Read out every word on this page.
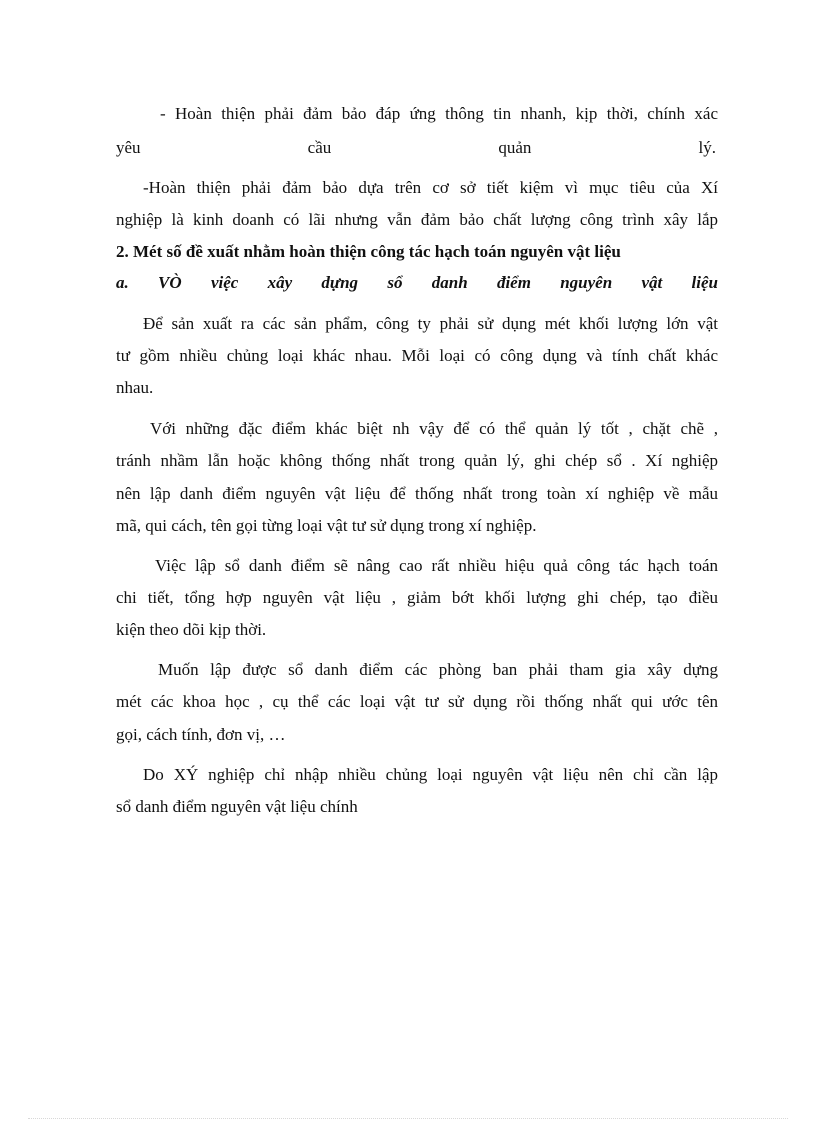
- Hoàn thiện phải đảm bảo đáp ứng thông tin nhanh, kịp thời, chính xác
yêu	cầu	quản	lý.
-Hoàn thiện phải đảm bảo dựa trên cơ sở tiết kiệm vì mục tiêu của Xí
nghiệp là kinh doanh có lãi nhưng vẫn đảm bảo chất lượng công trình xây lắp
2. Mét số đề xuất nhằm hoàn thiện công tác hạch toán nguyên vật liệu
a. VÒ việc xây dựng sổ danh điểm nguyên vật liệu
Để sản xuất ra các sản phẩm, công ty phải sử dụng mét khối lượng lớn vật
tư gồm nhiều chủng loại khác nhau. Mỗi loại có công dụng và tính chất khác
nhau.
Với những đặc điểm khác biệt nh vậy để có thể quản lý tốt , chặt chẽ ,
tránh nhầm lẫn hoặc không thống nhất trong quản lý, ghi chép sổ . Xí nghiệp
nên lập danh điểm nguyên vật liệu để thống nhất trong toàn xí nghiệp về mẫu
mã, qui cách, tên gọi từng loại vật tư sử dụng trong xí nghiệp.
Việc lập sổ danh điểm sẽ nâng cao rất nhiều hiệu quả công tác hạch toán
chi tiết, tổng hợp nguyên vật liệu , giảm bớt khối lượng ghi chép, tạo điều
kiện theo dõi kịp thời.
Muốn lập được sổ danh điểm các phòng ban phải tham gia xây dựng
mét các khoa học , cụ thể các loại vật tư sử dụng rồi thống nhất qui ước tên
gọi, cách tính, đơn vị, …
Do XÝ nghiệp chỉ nhập nhiều chủng loại nguyên vật liệu nên chỉ cần lập
sổ danh điểm nguyên vật liệu chính
